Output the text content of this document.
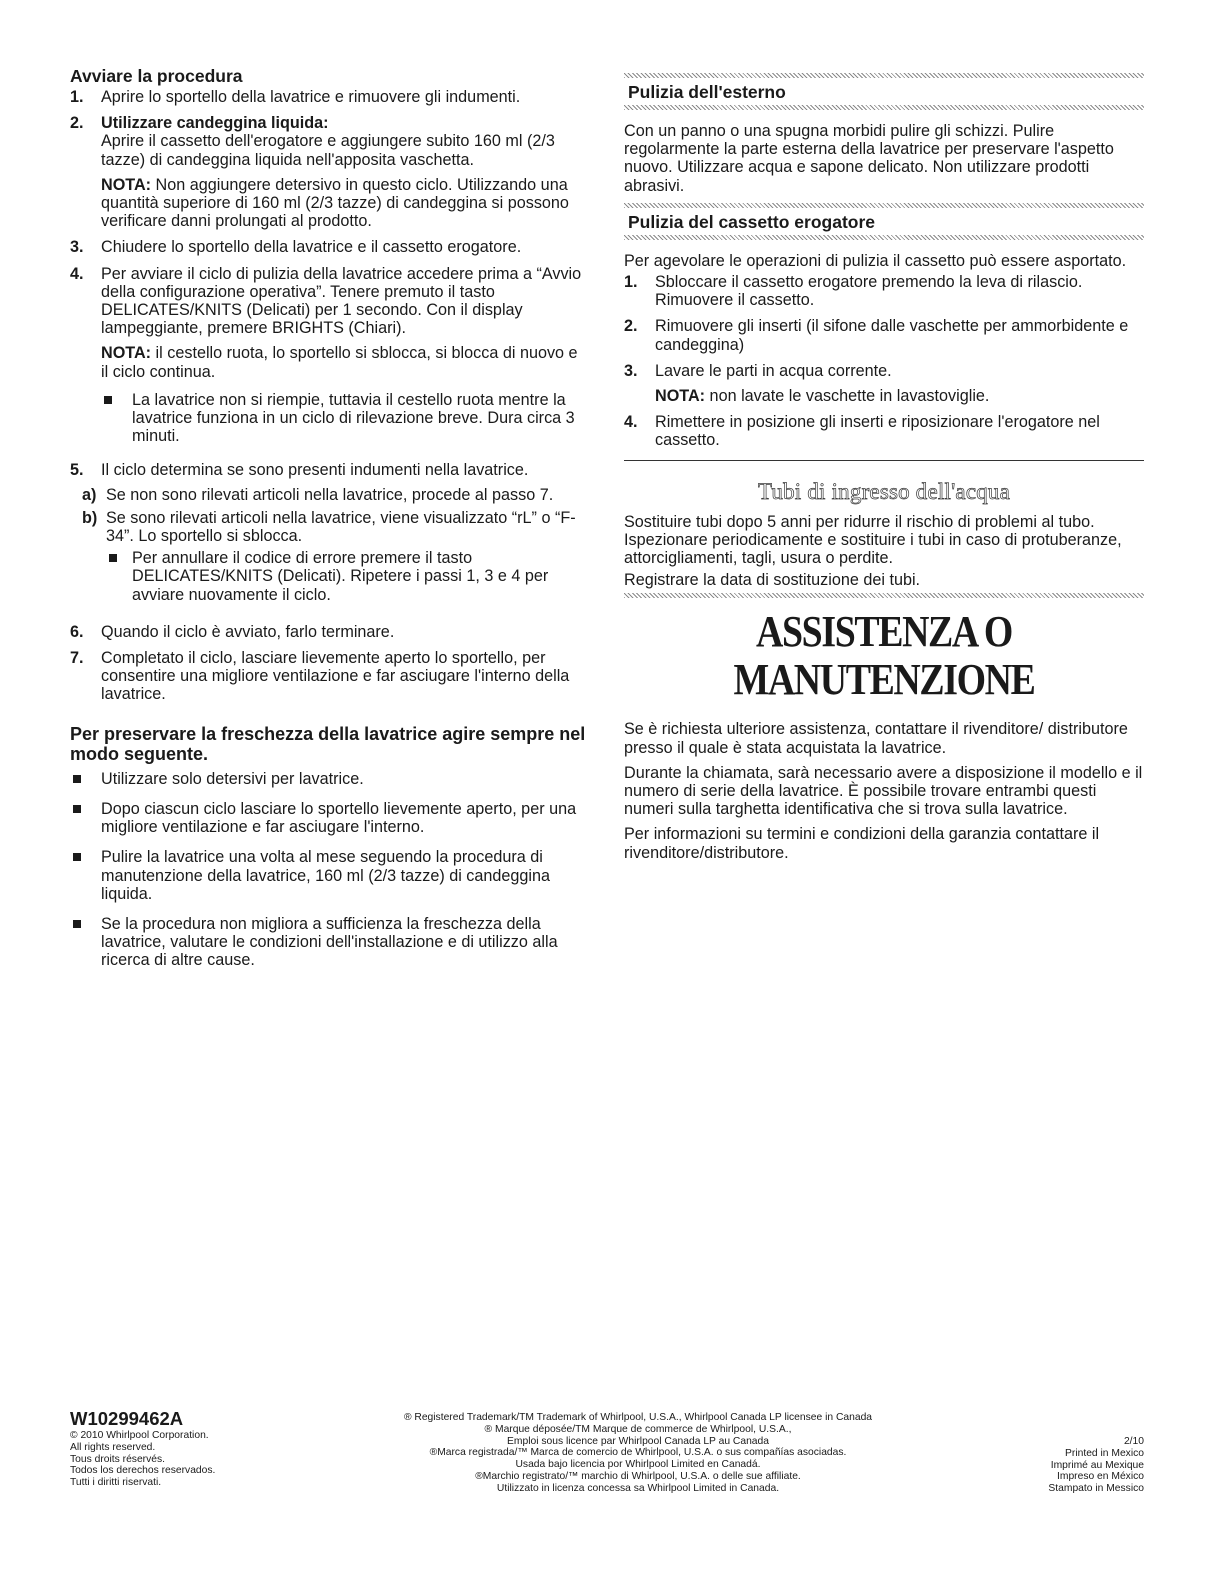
Avviare la procedura
1.	Aprire lo sportello della lavatrice e rimuovere gli indumenti.

2.	Utilizzare candeggina liquida:

Aprire il cassetto dell'erogatore e aggiungere subito 160 ml (2/3 tazze) di candeggina liquida nell'apposita vaschetta.

NOTA: Non aggiungere detersivo in questo ciclo. Utilizzando una quantità superiore di 160 ml (2/3 tazze) di candeggina si possono verificare danni prolungati al prodotto.

3.	Chiudere lo sportello della lavatrice e il cassetto erogatore.

4.	Per avviare il ciclo di pulizia della lavatrice accedere prima a “Avvio della configurazione operativa”. Tenere premuto il tasto DELICATES/KNITS (Delicati) per 1 secondo. Con il display lampeggiante, premere BRIGHTS (Chiari).

NOTA: il cestello ruota, lo sportello si sblocca, si blocca di nuovo e il ciclo continua.

La lavatrice non si riempie, tuttavia il cestello ruota mentre la lavatrice funziona in un ciclo di rilevazione breve. Dura circa 3 minuti.

5.	Il ciclo determina se sono presenti indumenti nella lavatrice.

a) Se non sono rilevati articoli nella lavatrice, procede al passo 7.

b) Se sono rilevati articoli nella lavatrice, viene visualizzato “rL” o “F-34”. Lo sportello si sblocca.

Per annullare il codice di errore premere il tasto DELICATES/KNITS (Delicati). Ripetere i passi 1, 3 e 4 per avviare nuovamente il ciclo.

6.	Quando il ciclo è avviato, farlo terminare.

7.	Completato il ciclo, lasciare lievemente aperto lo sportello, per consentire una migliore ventilazione e far asciugare l'interno della lavatrice.

Per preservare la freschezza della lavatrice agire sempre nel modo seguente.

Utilizzare solo detersivi per lavatrice.

Dopo ciascun ciclo lasciare lo sportello lievemente aperto, per una migliore ventilazione e far asciugare l'interno.

Pulire la lavatrice una volta al mese seguendo la procedura di manutenzione della lavatrice, 160 ml (2/3 tazze) di candeggina liquida.

Se la procedura non migliora a sufficienza la freschezza della lavatrice, valutare le condizioni dell'installazione e di utilizzo alla ricerca di altre cause.

Pulizia dell'esterno

Con un panno o una spugna morbidi pulire gli schizzi. Pulire regolarmente la parte esterna della lavatrice per preservare l'aspetto nuovo. Utilizzare acqua e sapone delicato. Non utilizzare prodotti abrasivi.

Pulizia del cassetto erogatore

Per agevolare le operazioni di pulizia il cassetto può essere asportato.

1.	Sbloccare il cassetto erogatore premendo la leva di rilascio. Rimuovere il cassetto.

2.	Rimuovere gli inserti (il sifone dalle vaschette per ammorbidente e candeggina)

3.	Lavare le parti in acqua corrente.

NOTA: non lavate le vaschette in lavastoviglie.

4.	Rimettere in posizione gli inserti e riposizionare l'erogatore nel cassetto.

Tubi di ingresso dell'acqua

Sostituire tubi dopo 5 anni per ridurre il rischio di problemi al tubo. Ispezionare periodicamente e sostituire i tubi in caso di protuberanze, attorcigliamenti, tagli, usura o perdite.

Registrare la data di sostituzione dei tubi.

ASSISTENZA O MANUTENZIONE

Se è richiesta ulteriore assistenza, contattare il rivenditore/ distributore presso il quale è stata acquistata la lavatrice.

Durante la chiamata, sarà necessario avere a disposizione il modello e il numero di serie della lavatrice. È possibile trovare entrambi questi numeri sulla targhetta identificativa che si trova sulla lavatrice.

Per informazioni su termini e condizioni della garanzia contattare il rivenditore/distributore.

W10299462A
© 2010 Whirlpool Corporation.
All rights reserved.
Tous droits réservés.
Todos los derechos reservados.
Tutti i diritti riservati.
® Registered Trademark/TM Trademark of Whirlpool, U.S.A., Whirlpool Canada LP licensee in Canada
® Marque déposée/TM Marque de commerce de Whirlpool, U.S.A.,
Emploi sous licence par Whirlpool Canada LP au Canada
®Marca registrada/™ Marca de comercio de Whirlpool, U.S.A. o sus compañías asociadas.
Usada bajo licencia por Whirlpool Limited en Canadá.
®Marchio registrato/™ marchio di Whirlpool, U.S.A. o delle sue affiliate.
Utilizzato in licenza concessa sa Whirlpool Limited in Canada.
2/10
Printed in Mexico
Imprimé au Mexique
Impreso en México
Stampato in Messico
